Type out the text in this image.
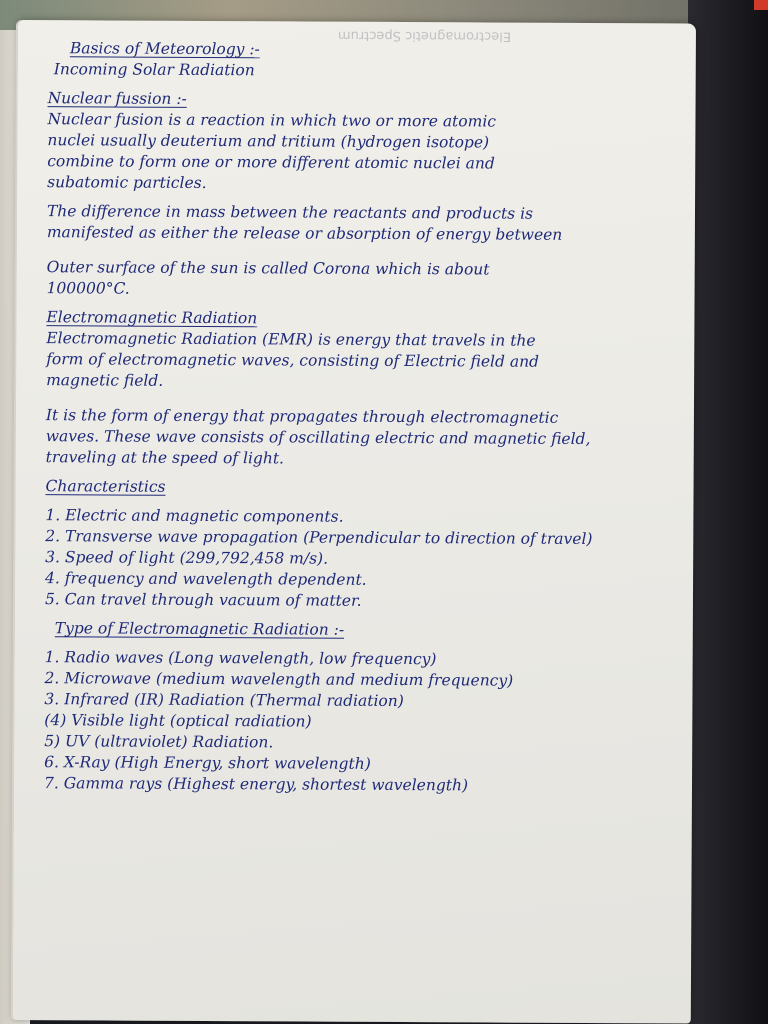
Electromagnetic Spectrum

Basics of Meteorology :-

Incoming Solar Radiation

Nuclear fussion :-

Nuclear fusion is a reaction in which two or more atomic

nuclei usually deuterium and tritium (hydrogen isotope)

combine to form one or more different atomic nuclei and

subatomic particles.

The difference in mass between the reactants and products is

manifested as either the release or absorption of energy between

Outer surface of the sun is called Corona which is about

100000°C.

Electromagnetic Radiation

Electromagnetic Radiation (EMR) is energy that travels in the

form of electromagnetic waves, consisting of Electric field and

magnetic field.

It is the form of energy that propagates through electromagnetic

waves. These wave consists of oscillating electric and magnetic field,

traveling at the speed of light.

Characteristics

1. Electric and magnetic components.

2. Transverse wave propagation (Perpendicular to direction of travel)

3. Speed of light (299,792,458 m/s).

4. frequency and wavelength dependent.

5. Can travel through vacuum of matter.

Type of Electromagnetic Radiation :-

1. Radio waves (Long wavelength, low frequency)

2. Microwave (medium wavelength and medium frequency)

3. Infrared (IR) Radiation (Thermal radiation)

(4) Visible light (optical radiation)

5) UV (ultraviolet) Radiation.

6. X-Ray (High Energy, short wavelength)

7. Gamma rays (Highest energy, shortest wavelength)
